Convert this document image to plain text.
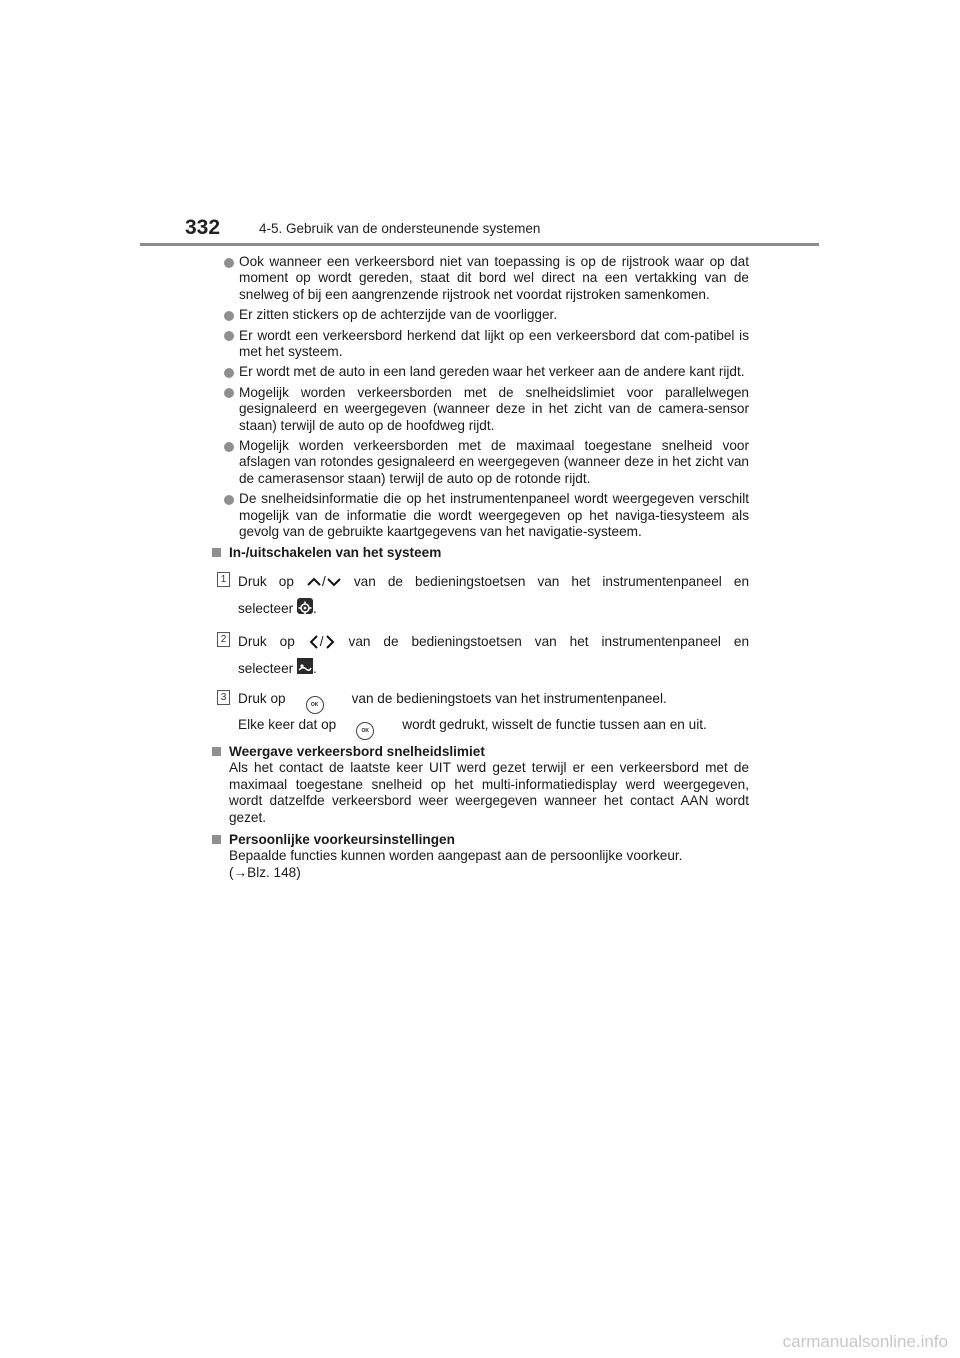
332	4-5. Gebruik van de ondersteunende systemen
Ook wanneer een verkeersbord niet van toepassing is op de rijstrook waar op dat moment op wordt gereden, staat dit bord wel direct na een vertakking van de snelweg of bij een aangrenzende rijstrook net voordat rijstroken samenkomen.
Er zitten stickers op de achterzijde van de voorligger.
Er wordt een verkeersbord herkend dat lijkt op een verkeersbord dat com-patibel is met het systeem.
Er wordt met de auto in een land gereden waar het verkeer aan de andere kant rijdt.
Mogelijk worden verkeersborden met de snelheidslimiet voor parallelwegen gesignaleerd en weergegeven (wanneer deze in het zicht van de camera-sensor staan) terwijl de auto op de hoofdweg rijdt.
Mogelijk worden verkeersborden met de maximaal toegestane snelheid voor afslagen van rotondes gesignaleerd en weergegeven (wanneer deze in het zicht van de camerasensor staan) terwijl de auto op de rotonde rijdt.
De snelheidsinformatie die op het instrumentenpaneel wordt weergegeven verschilt mogelijk van de informatie die wordt weergegeven op het naviga-tiesysteem als gevolg van de gebruikte kaartgegevens van het navigatie-systeem.
In-/uitschakelen van het systeem
1 Druk op / van de bedieningstoetsen van het instrumentenpaneel en
selecteer .
2 Druk op / van de bedieningstoetsen van het instrumentenpaneel en
selecteer .
3 Druk op	OK van de bedieningstoets van het instrumentenpaneel.
Elke keer dat op	OK wordt gedrukt, wisselt de functie tussen aan en uit.
Weergave verkeersbord snelheidslimiet
Als het contact de laatste keer UIT werd gezet terwijl er een verkeersbord met de maximaal toegestane snelheid op het multi-informatiedisplay werd weergegeven, wordt datzelfde verkeersbord weer weergegeven wanneer het contact AAN wordt gezet.
Persoonlijke voorkeursinstellingen
Bepaalde functies kunnen worden aangepast aan de persoonlijke voorkeur.
(→Blz. 148)
carmanualsonline.info
